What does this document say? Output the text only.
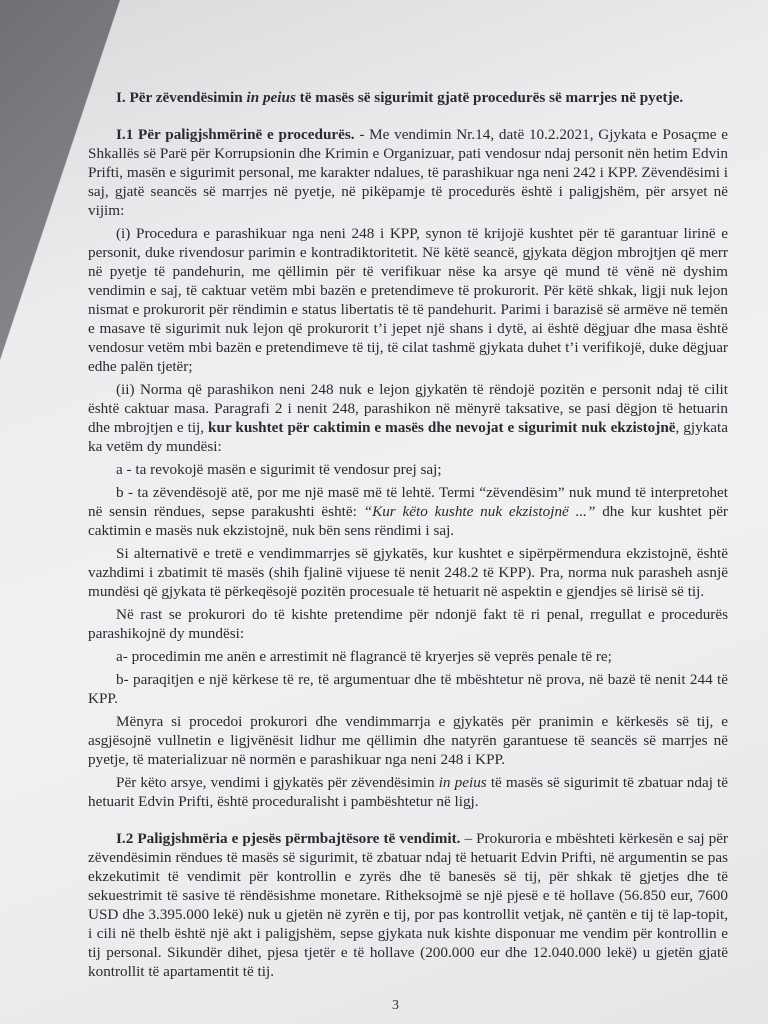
I. Për zëvendësimin in peius të masës së sigurimit gjatë procedurës së marrjes në pyetje.

I.1 Për paligjshmërinë e procedurës. - Me vendimin Nr.14, datë 10.2.2021, Gjykata e Posaçme e Shkallës së Parë për Korrupsionin dhe Krimin e Organizuar, pati vendosur ndaj personit nën hetim Edvin Prifti, masën e sigurimit personal, me karakter ndalues, të parashikuar nga neni 242 i KPP. Zëvendësimi i saj, gjatë seancës së marrjes në pyetje, në pikëpamje të procedurës është i paligjshëm, për arsyet në vijim:

(i) Procedura e parashikuar nga neni 248 i KPP, synon të krijojë kushtet për të garantuar lirinë e personit, duke rivendosur parimin e kontradiktoritetit. Në këtë seancë, gjykata dëgjon mbrojtjen që merr në pyetje të pandehurin, me qëllimin për të verifikuar nëse ka arsye që mund të vënë në dyshim vendimin e saj, të caktuar vetëm mbi bazën e pretendimeve të prokurorit. Për këtë shkak, ligji nuk lejon nismat e prokurorit për rëndimin e status libertatis të të pandehurit. Parimi i barazisë së armëve në temën e masave të sigurimit nuk lejon që prokurorit t’i jepet një shans i dytë, ai është dëgjuar dhe masa është vendosur vetëm mbi bazën e pretendimeve të tij, të cilat tashmë gjykata duhet t’i verifikojë, duke dëgjuar edhe palën tjetër;

(ii) Norma që parashikon neni 248 nuk e lejon gjykatën të rëndojë pozitën e personit ndaj të cilit është caktuar masa. Paragrafi 2 i nenit 248, parashikon në mënyrë taksative, se pasi dëgjon të hetuarin dhe mbrojtjen e tij, kur kushtet për caktimin e masës dhe nevojat e sigurimit nuk ekzistojnë, gjykata ka vetëm dy mundësi:

a - ta revokojë masën e sigurimit të vendosur prej saj;

b - ta zëvendësojë atë, por me një masë më të lehtë. Termi “zëvendësim” nuk mund të interpretohet në sensin rëndues, sepse parakushti është: “Kur këto kushte nuk ekzistojnë ...” dhe kur kushtet për caktimin e masës nuk ekzistojnë, nuk bën sens rëndimi i saj.

Si alternativë e tretë e vendimmarrjes së gjykatës, kur kushtet e sipërpërmendura ekzistojnë, është vazhdimi i zbatimit të masës (shih fjalinë vijuese të nenit 248.2 të KPP). Pra, norma nuk parasheh asnjë mundësi që gjykata të përkeqësojë pozitën procesuale të hetuarit në aspektin e gjendjes së lirisë së tij.

Në rast se prokurori do të kishte pretendime për ndonjë fakt të ri penal, rregullat e procedurës parashikojnë dy mundësi:

a- procedimin me anën e arrestimit në flagrancë të kryerjes së veprës penale të re;

b- paraqitjen e një kërkese të re, të argumentuar dhe të mbështetur në prova, në bazë të nenit 244 të KPP.

Mënyra si procedoi prokurori dhe vendimmarrja e gjykatës për pranimin e kërkesës së tij, e asgjësojnë vullnetin e ligjvënësit lidhur me qëllimin dhe natyrën garantuese të seancës së marrjes në pyetje, të materializuar në normën e parashikuar nga neni 248 i KPP.

Për këto arsye, vendimi i gjykatës për zëvendësimin in peius të masës së sigurimit të zbatuar ndaj të hetuarit Edvin Prifti, është proceduralisht i pambështetur në ligj.

I.2 Paligjshmëria e pjesës përmbajtësore të vendimit. – Prokuroria e mbështeti kërkesën e saj për zëvendësimin rëndues të masës së sigurimit, të zbatuar ndaj të hetuarit Edvin Prifti, në argumentin se pas ekzekutimit të vendimit për kontrollin e zyrës dhe të banesës së tij, për shkak të gjetjes dhe të sekuestrimit të sasive të rëndësishme monetare. Ritheksojmë se një pjesë e të hollave (56.850 eur, 7600 USD dhe 3.395.000 lekë) nuk u gjetën në zyrën e tij, por pas kontrollit vetjak, në çantën e tij të lap-topit, i cili në thelb është një akt i paligjshëm, sepse gjykata nuk kishte disponuar me vendim për kontrollin e tij personal. Sikundër dihet, pjesa tjetër e të hollave (200.000 eur dhe 12.040.000 lekë) u gjetën gjatë kontrollit të apartamentit të tij.

3
